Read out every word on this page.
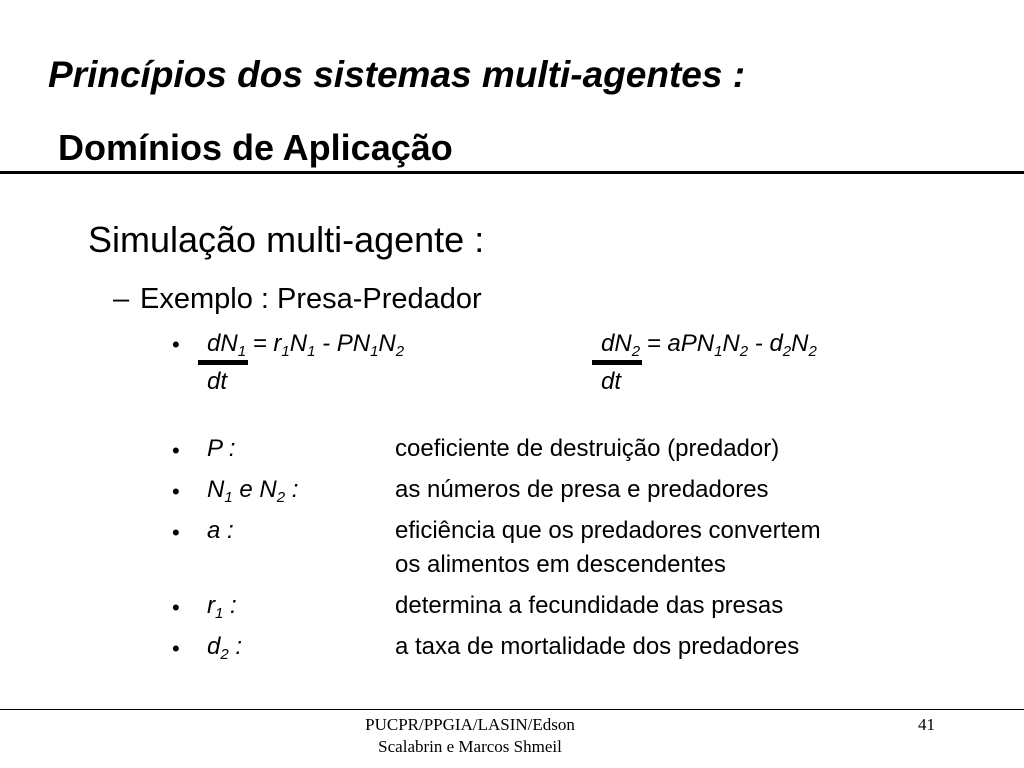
Princípios dos sistemas multi-agentes :
Domínios de Aplicação
Simulação multi-agente :
– Exemplo : Presa-Predador
• $dN_1 = r_1N_1 - PN_1N_2$
dt
$dN_2 = aPN_1N_2 - d_2N_2$
dt
• P :	coeficiente de destruição (predador)
• $N_1$ e $N_2$ :	as números de presa e predadores
• a :	eficiência que os predadores convertem
os alimentos em descendentes
• $r_1$ :	determina a fecundidade das presas
• $d_2$ :	a taxa de mortalidade dos predadores
PUCPR/PPGIA/LASIN/Edson
Scalabrin e Marcos Shmeil
41
